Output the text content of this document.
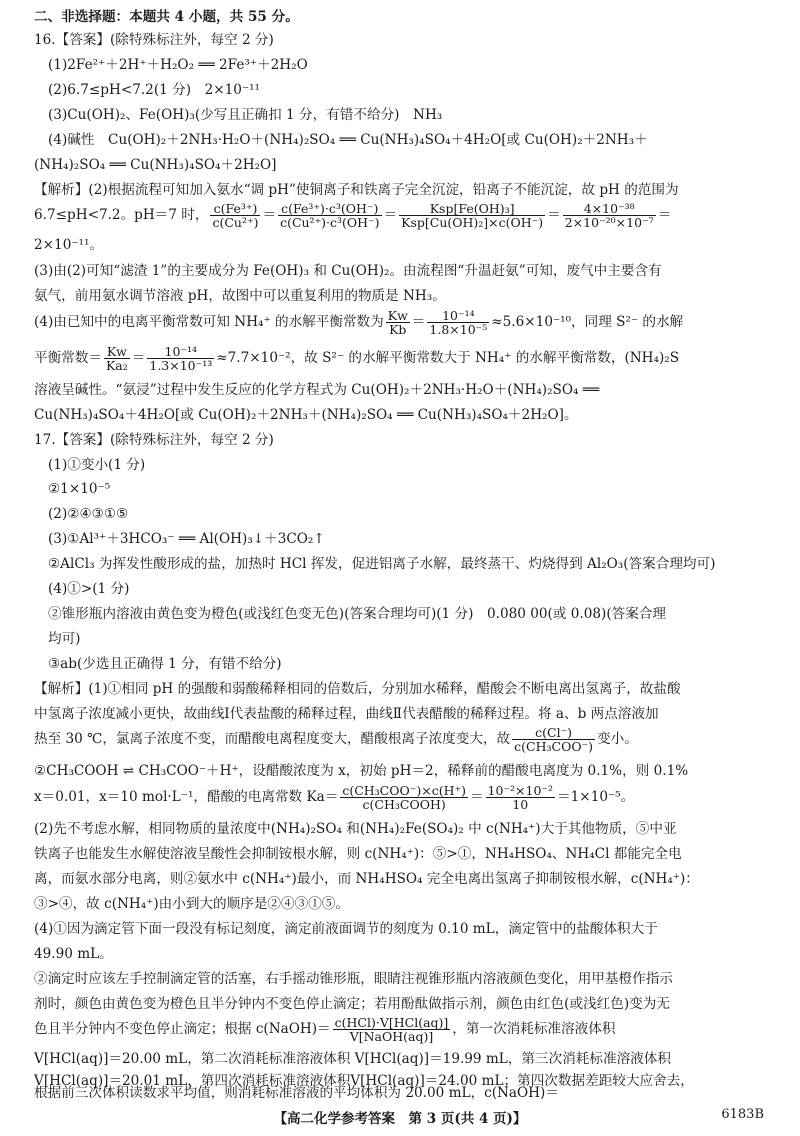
二、非选择题：本题共 4 小题，共 55 分。
16.【答案】(除特殊标注外，每空 2 分)
(1)2Fe²⁺＋2H⁺＋H₂O₂ ══ 2Fe³⁺＋2H₂O
(2)6.7≤pH<7.2(1 分)　2×10⁻¹¹
(3)Cu(OH)₂、Fe(OH)₃(少写且正确扣 1 分，有错不给分)　NH₃
(4)碱性　Cu(OH)₂＋2NH₃·H₂O＋(NH₄)₂SO₄ ══ Cu(NH₃)₄SO₄＋4H₂O[或 Cu(OH)₂＋2NH₃＋
(NH₄)₂SO₄ ══ Cu(NH₃)₄SO₄＋2H₂O]
【解析】(2)根据流程可知加入氨水“调 pH”使铜离子和铁离子完全沉淀，铅离子不能沉淀，故 pH 的范围为
6.7≤pH<7.2。pH＝7 时， $\frac{\text{c(Fe³⁺)}}{\text{c(Cu²⁺)}} = \frac{\text{c(Fe³⁺)·c³(OH⁻)}}{\text{c(Cu²⁺)·c³(OH⁻)}} = \frac{\text{Ksp[Fe(OH)₃]}}{\text{Ksp[Cu(OH)₂]×c(OH⁻)}} = \frac{\text{4×10⁻³⁸}}{\text{2×10⁻²⁰×10⁻⁷}}$ ＝
2×10⁻¹¹。
(3)由(2)可知“滤渣 1”的主要成分为 Fe(OH)₃ 和 Cu(OH)₂。由流程图“升温赶氨”可知，废气中主要含有
氨气，前用氨水调节溶液 pH，故图中可以重复利用的物质是 NH₃。
(4)由已知中的电离平衡常数可知 NH₄⁺ 的水解平衡常数为 $\frac{Kw}{Kb} = \frac{\text{10⁻¹⁴}}{\text{1.8×10⁻⁵}} \approx 5.6\times 10^{-10}$，同理 S²⁻ 的水解
平衡常数＝ $\frac{Kw}{\text{Ka₂}} = \frac{\text{10⁻¹⁴}}{\text{1.3×10⁻¹³}} \approx 7.7\times 10^{-2}$，故 S²⁻ 的水解平衡常数大于 NH₄⁺ 的水解平衡常数，(NH₄)₂S
溶液呈碱性。“氨浸”过程中发生反应的化学方程式为 Cu(OH)₂＋2NH₃·H₂O＋(NH₄)₂SO₄ ══
Cu(NH₃)₄SO₄＋4H₂O[或 Cu(OH)₂＋2NH₃＋(NH₄)₂SO₄ ══ Cu(NH₃)₄SO₄＋2H₂O]。
17.【答案】(除特殊标注外，每空 2 分)
(1)①变小(1 分)
②1×10⁻⁵
(2)②④③①⑤
(3)①Al³⁺＋3HCO₃⁻ ══ Al(OH)₃↓＋3CO₂↑
②AlCl₃ 为挥发性酸形成的盐，加热时 HCl 挥发，促进铝离子水解，最终蒸干、灼烧得到 Al₂O₃(答案合理均可)
(4)①>(1 分)
②锥形瓶内溶液由黄色变为橙色(或浅红色变无色)(答案合理均可)(1 分)　0.080 00(或 0.08)(答案合理
均可)
③ab(少选且正确得 1 分，有错不给分)
【解析】(1)①相同 pH 的强酸和弱酸稀释相同的倍数后，分别加水稀释，醋酸会不断电离出氢离子，故盐酸
中氢离子浓度减小更快，故曲线Ⅰ代表盐酸的稀释过程，曲线Ⅱ代表醋酸的稀释过程。将 a、b 两点溶液加
热至 30 ℃，氯离子浓度不变，而醋酸电离程度变大，醋酸根离子浓度变大，故 $\frac{c(Cl^-)}{\text{c(CH₃COO⁻)}}$ 变小。
②CH₃COOH ⇌ CH₃COO⁻＋H⁺，设醋酸浓度为 x，初始 pH＝2，稀释前的醋酸电离度为 0.1%，则 0.1%
x＝0.01，x＝10 mol·L⁻¹，醋酸的电离常数 $Ka= \frac{\text{c(CH₃COO⁻)×c(H⁺)}}{\text{c(CH₃COOH)}} = \frac{\text{10⁻²×10⁻²}}{10} =1\times 10^{-5}$。
(2)先不考虑水解，相同物质的量浓度中(NH₄)₂SO₄ 和(NH₄)₂Fe(SO₄)₂ 中 c(NH₄⁺)大于其他物质，⑤中亚
铁离子也能发生水解使溶液呈酸性会抑制铵根水解，则 c(NH₄⁺)：⑤>①，NH₄HSO₄、NH₄Cl 都能完全电
离，而氨水部分电离，则②氨水中 c(NH₄⁺)最小，而 NH₄HSO₄ 完全电离出氢离子抑制铵根水解，c(NH₄⁺)：
③>④，故 c(NH₄⁺)由小到大的顺序是②④③①⑤。
(4)①因为滴定管下面一段没有标记刻度，滴定前液面调节的刻度为 0.10 mL，滴定管中的盐酸体积大于
49.90 mL。
②滴定时应该左手控制滴定管的活塞，右手摇动锥形瓶，眼睛注视锥形瓶内溶液颜色变化，用甲基橙作指示
剂时，颜色由黄色变为橙色且半分钟内不变色停止滴定；若用酚酞做指示剂，颜色由红色(或浅红色)变为无
色且半分钟内不变色停止滴定；根据 c(NaOH)＝ $\frac{\text{c(HCl)·V[HCl(aq)]}}{\text{V[NaOH(aq)]}}$ ，第一次消耗标准溶液体积
V[HCl(aq)]＝20.00 mL，第二次消耗标准溶液体积 V[HCl(aq)]＝19.99 mL，第三次消耗标准溶液体积
V[HCl(aq)]＝20.01 mL，第四次消耗标准溶液体积V[HCl(aq)]＝24.00 mL；第四次数据差距较大应舍去，
根据前三次体积读数求平均值，则消耗标准溶液的平均体积为 20.00 mL，c(NaOH)＝
【高二化学参考答案　第 3 页(共 4 页)】	6183B
